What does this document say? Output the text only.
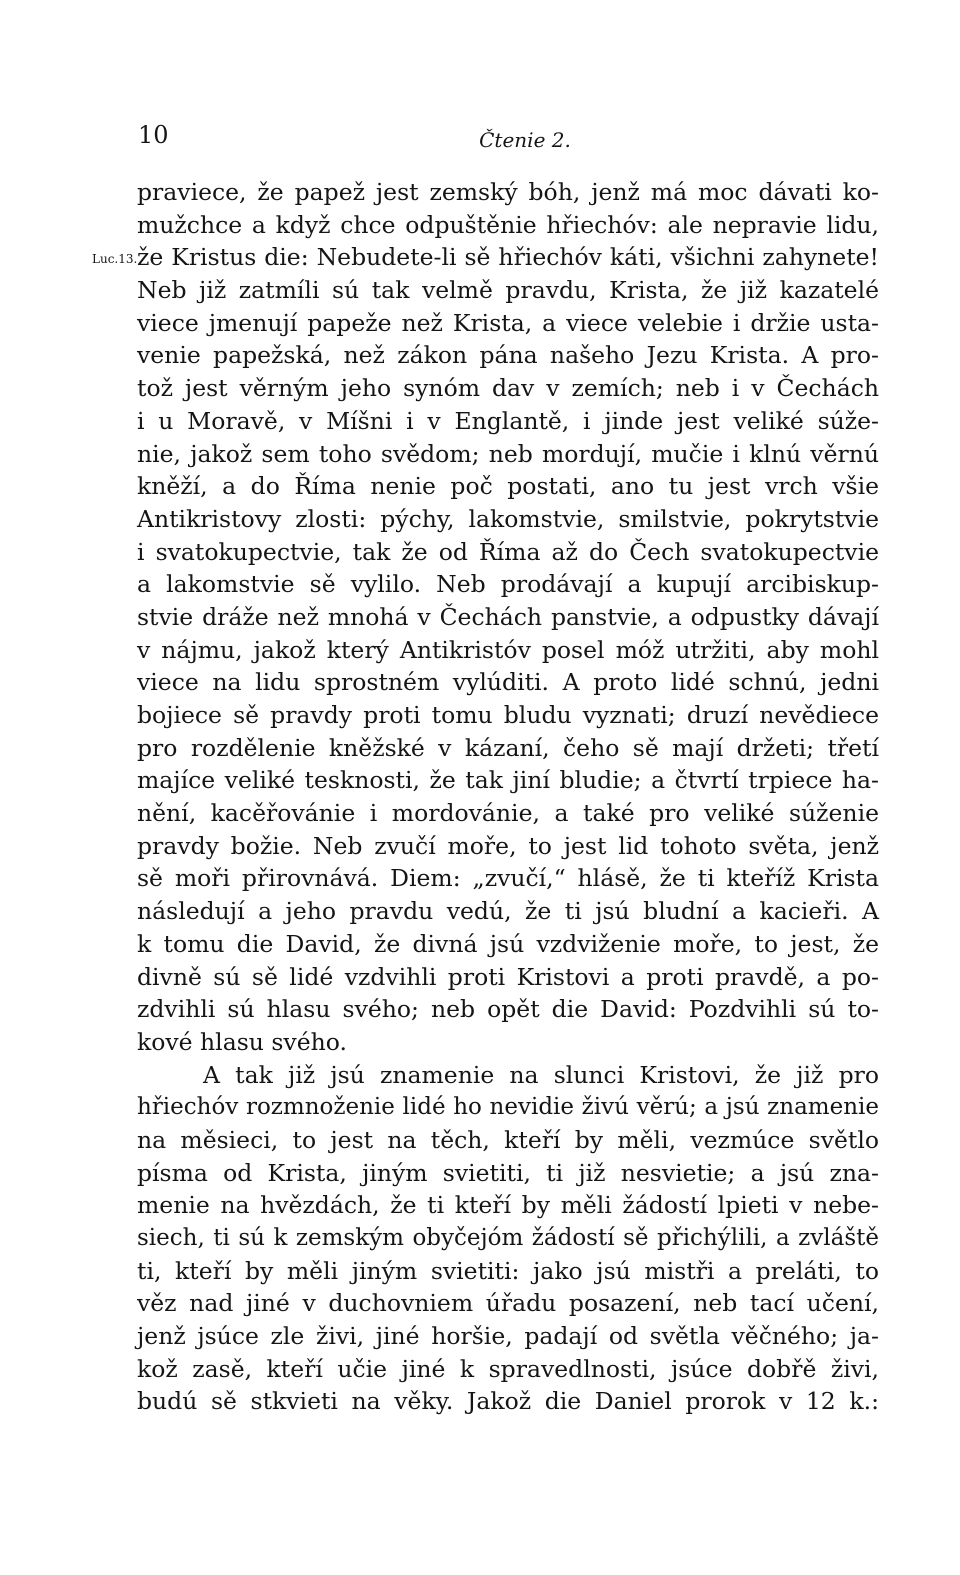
10	Čtenie 2.
Luc.13.
praviece, že papež jest zemský bóh, jenž má moc dávati ko-
mužchce a když chce odpuštěnie hřiechóv: ale nepravie lidu,
že Kristus die: Nebudete-li sě hřiechóv káti, všichni zahynete!
Neb již zatmíli sú tak velmě pravdu, Krista, že již kazatelé
viece jmenují papeže než Krista, a viece velebie i držie usta-
venie papežská, než zákon pána našeho Jezu Krista. A pro-
tož jest věrným jeho synóm dav v zemích; neb i v Čechách
i u Moravě, v Míšni i v Englantě, i jinde jest veliké súže-
nie, jakož sem toho svědom; neb mordují, mučie i klnú věrnú
kněží, a do Říma nenie poč postati, ano tu jest vrch všie
Antikristovy zlosti: pýchy, lakomstvie, smilstvie, pokrytstvie
i svatokupectvie, tak že od Říma až do Čech svatokupectvie
a lakomstvie sě vylilo. Neb prodávají a kupují arcibiskup-
stvie dráže než mnohá v Čechách panstvie, a odpustky dávají
v nájmu, jakož který Antikristóv posel móž utržiti, aby mohl
viece na lidu sprostném vylúditi. A proto lidé schnú, jedni
bojiece sě pravdy proti tomu bludu vyznati; druzí nevědiece
pro rozdělenie kněžské v kázaní, čeho sě mají držeti; třetí
majíce veliké tesknosti, že tak jiní bludie; a čtvrtí trpiece ha-
nění, kacěřovánie i mordovánie, a také pro veliké súženie
pravdy božie. Neb zvučí mořе, to jest lid tohoto světa, jenž
sě moři přirovnává. Diem: „zvučí,“ hlásě, že ti kteříž Krista
následují a jeho pravdu vedú, že ti jsú bludní a kacieři. A
k tomu die David, že divná jsú vzdviženie moře, to jest, že
divně sú sě lidé vzdvihli proti Kristovi a proti pravdě, a po-
zdvihli sú hlasu svého; neb opět die David: Pozdvihli sú to-
kové hlasu svého.
A tak již jsú znamenie na slunci Kristovi, že již pro
hřiechóv rozmnoženie lidé ho nevidie živú věrú; a jsú znamenie
na měsieci, to jest na těch, kteří by měli, vezmúce světlo
písma od Krista, jiným svietiti, ti již nesvietie; a jsú zna-
menie na hvězdách, že ti kteří by měli žádostí lpieti v nebe-
siech, ti sú k zemským obyčejóm žádostí sě přichýlili, a zvláště
ti, kteří by měli jiným svietiti: jako jsú mistři a preláti, to
věz nad jiné v duchovniem úřadu posazení, neb tací učení,
jenž jsúce zle živi, jiné horšie, padají od světla věčného; ja-
kož zasě, kteří učie jiné k spravedlnosti, jsúce dobřě živi,
budú sě stkvieti na věky. Jakož die Daniel prorok v 12 k.:
